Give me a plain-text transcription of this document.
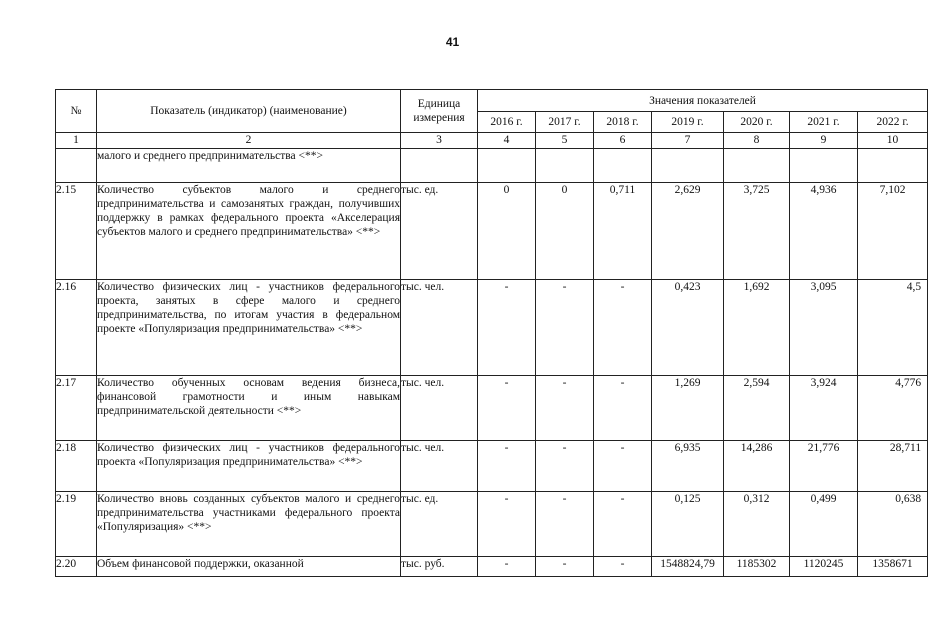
41
№	Показатель (индикатор) (наименование)	Единица измерения	Значения показателей						
			2016 г.	2017 г.	2018 г.	2019 г.	2020 г.	2021 г.	2022 г.
1	2	3	4	5	6	7	8	9	10
	малого и среднего предпринимательства <**>								
2.15	Количество субъектов малого и среднего предпринимательства и самозанятых граждан, получивших поддержку в рамках федерального проекта «Акселерация субъектов малого и среднего предпринимательства» <**>	тыс. ед.	0	0	0,711	2,629	3,725	4,936	7,102
2.16	Количество физических лиц - участников федерального проекта, занятых в сфере малого и среднего предпринимательства, по итогам участия в федеральном проекте «Популяризация предпринимательства» <**>	тыс. чел.	-	-	-	0,423	1,692	3,095	4,5
2.17	Количество обученных основам ведения бизнеса, финансовой грамотности и иным навыкам предпринимательской деятельности <**>	тыс. чел.	-	-	-	1,269	2,594	3,924	4,776
2.18	Количество физических лиц - участников федерального проекта «Популяризация предпринимательства» <**>	тыс. чел.	-	-	-	6,935	14,286	21,776	28,711
2.19	Количество вновь созданных субъектов малого и среднего предпринимательства участниками федерального проекта «Популяризация» <**>	тыс. ед.	-	-	-	0,125	0,312	0,499	0,638
2.20	Объем финансовой поддержки, оказанной	тыс. руб.	-	-	-	1548824,79	1185302	1120245	1358671
